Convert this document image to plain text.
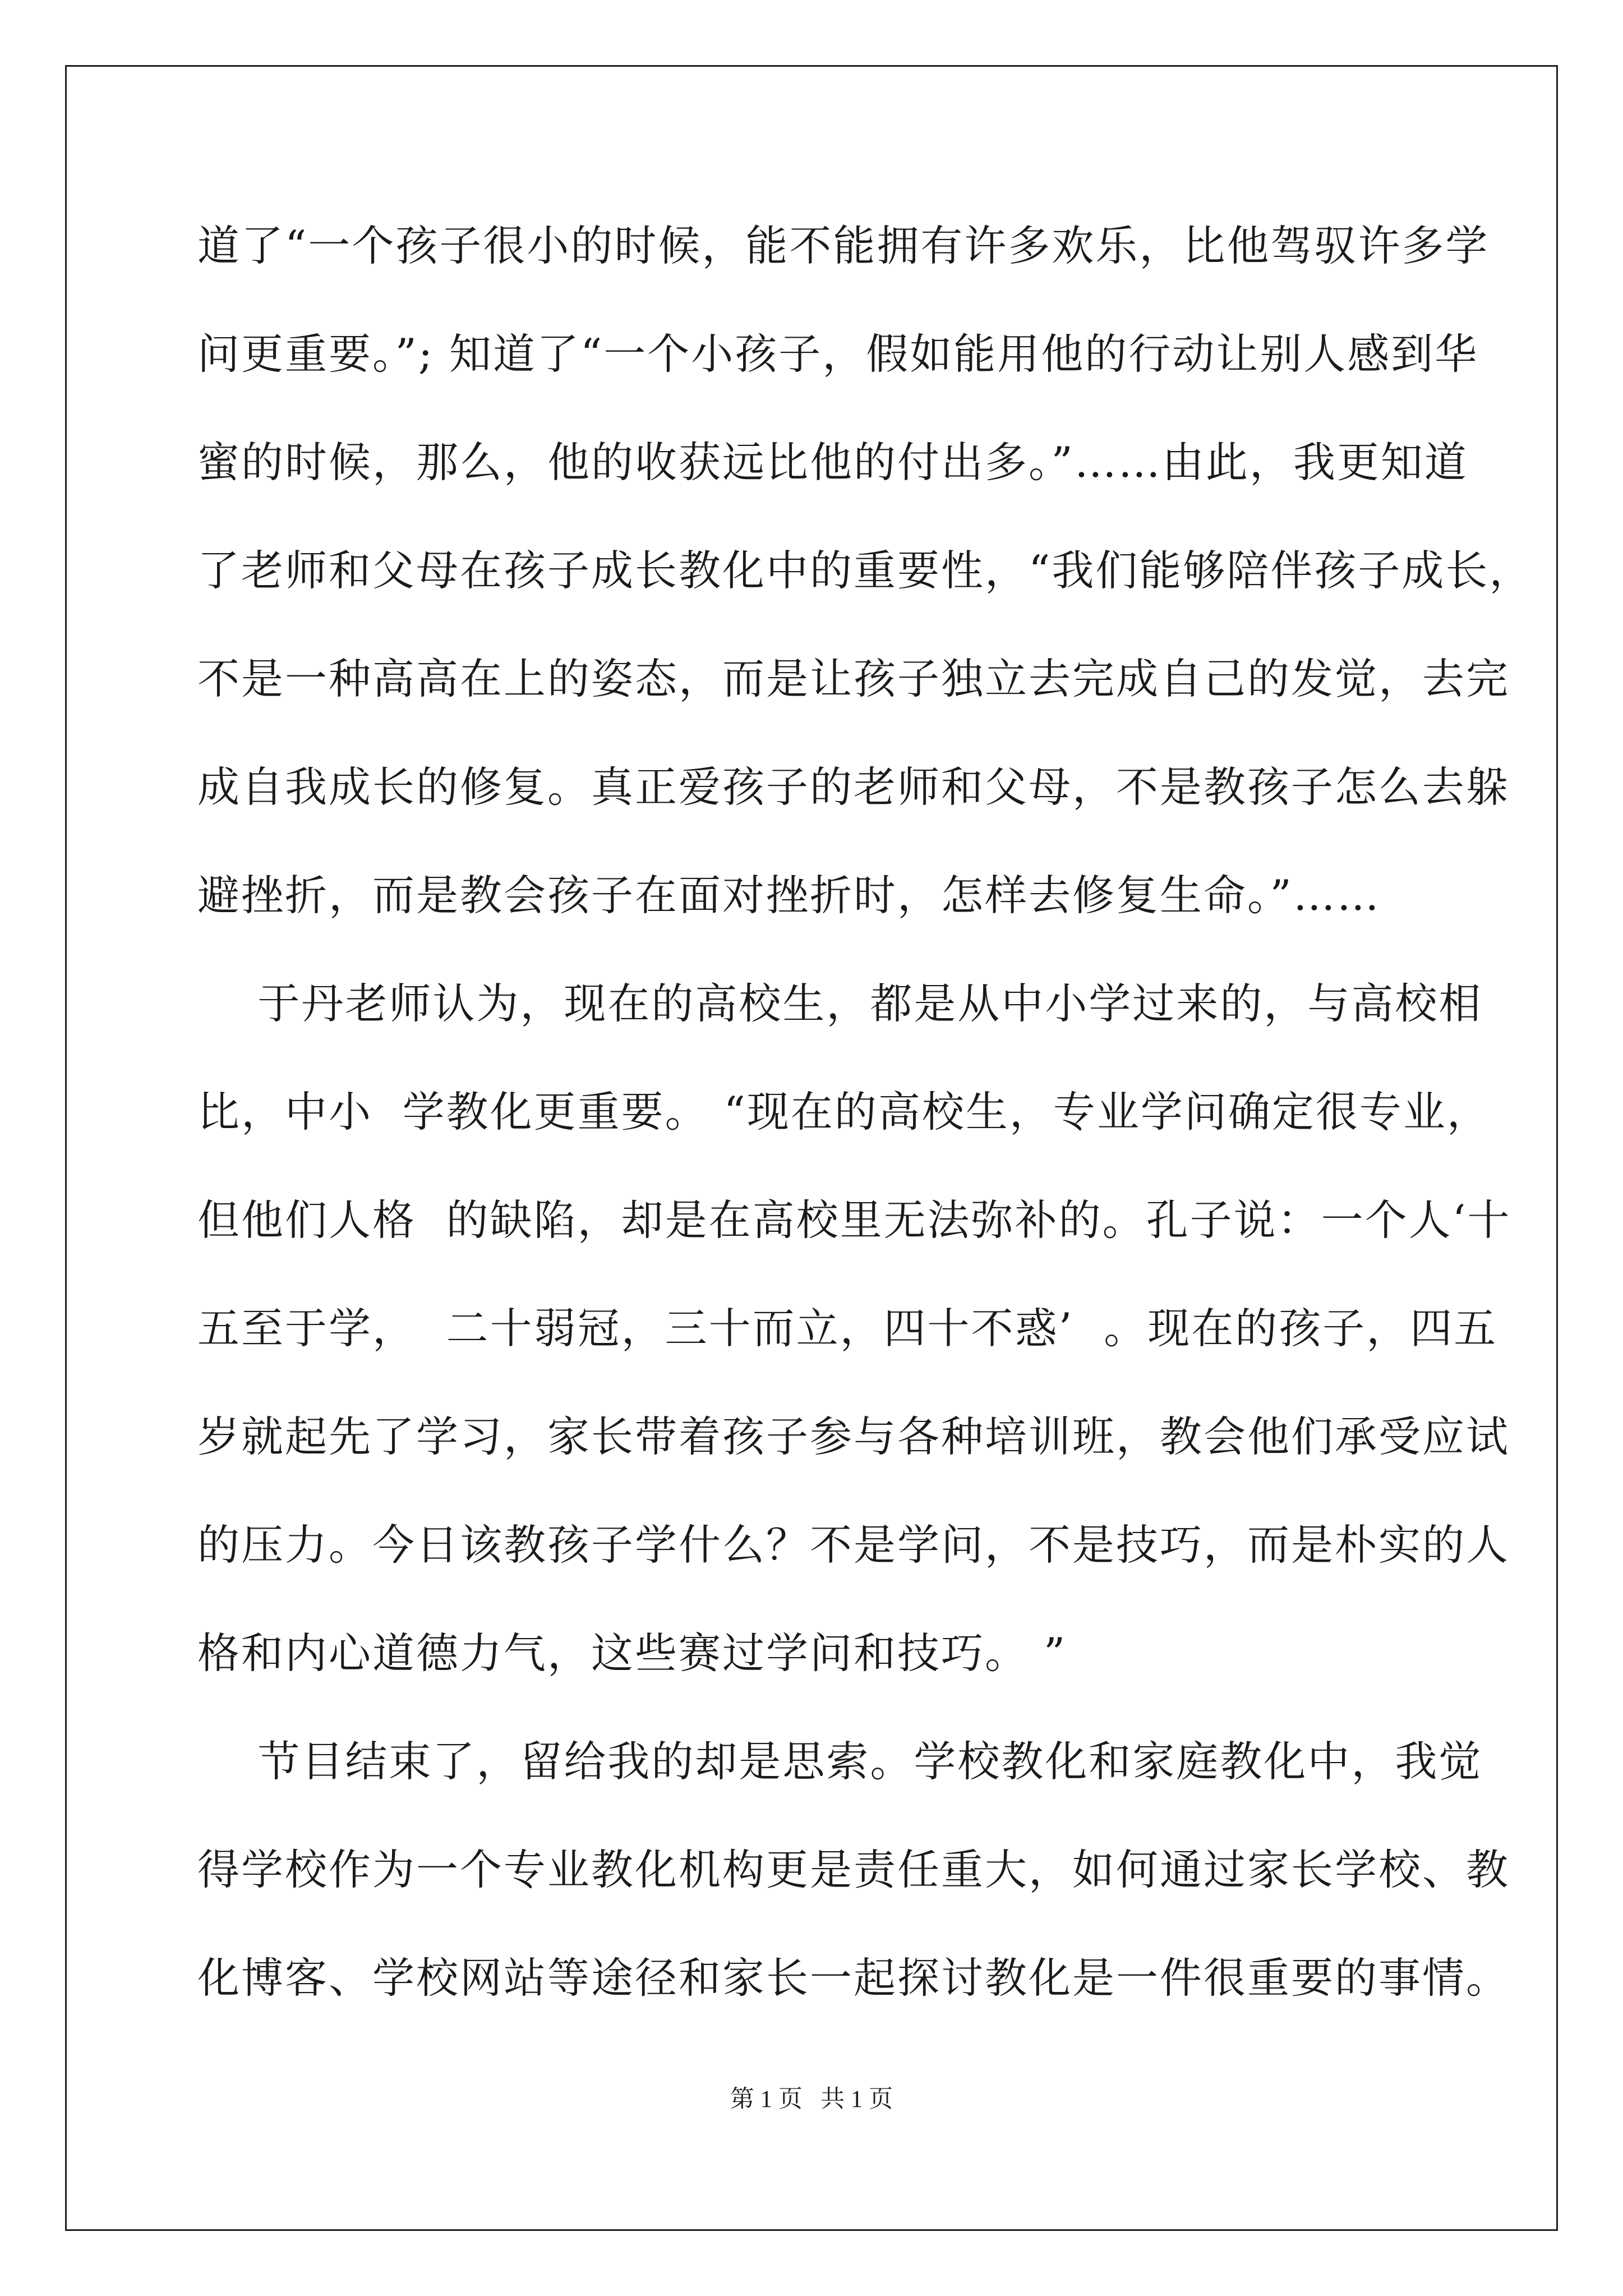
道了“一个孩子很小的时候，能不能拥有许多欢乐，比他驾驭许多学
问更重要。”; 知道了“一个小孩子，假如能用他的行动让别人感到华
蜜的时候，那么，他的收获远比他的付出多。”……由此，我更知道
了老师和父母在孩子成长教化中的重要性，“我们能够陪伴孩子成长，
不是一种高高在上的姿态，而是让孩子独立去完成自己的发觉，去完
成自我成长的修复。真正爱孩子的老师和父母，不是教孩子怎么去躲
避挫折，而是教会孩子在面对挫折时，怎样去修复生命。”……
于丹老师认为，现在的高校生，都是从中小学过来的，与高校相
比，中小  学教化更重要。 “现在的高校生，专业学问确定很专业，
但他们人格  的缺陷，却是在高校里无法弥补的。孔子说：一个人‘十
五至于学，  二十弱冠，三十而立，四十不惑’  。现在的孩子，四五
岁就起先了学习，家长带着孩子参与各种培训班，教会他们承受应试
的压力。今日该教孩子学什么？不是学问，不是技巧，而是朴实的人
格和内心道德力气，这些赛过学问和技巧。 ”
节目结束了，留给我的却是思索。学校教化和家庭教化中，我觉
得学校作为一个专业教化机构更是责任重大，如何通过家长学校、教
化博客、学校网站等途径和家长一起探讨教化是一件很重要的事情。
第 1 页   共 1 页
